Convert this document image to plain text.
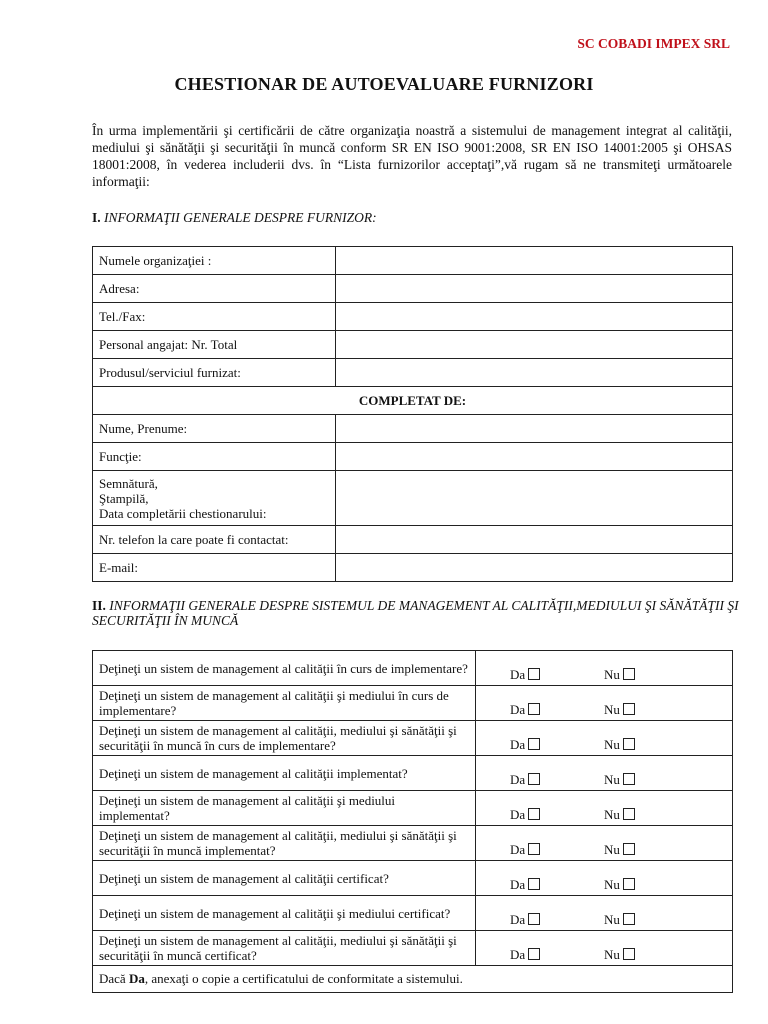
SC COBADI IMPEX SRL
CHESTIONAR DE AUTOEVALUARE FURNIZORI
În urma implementării şi certificării de către organizaţia noastră a sistemului de management integrat al calităţii, mediului şi sănătăţii şi securităţii în muncă conform SR EN ISO 9001:2008, SR EN ISO 14001:2005 şi OHSAS 18001:2008, în vederea includerii dvs. în “Lista furnizorilor acceptaţi”,vă rugam să ne transmiteţi următoarele informaţii:
I. INFORMAŢII GENERALE DESPRE FURNIZOR:
Numele organizaţiei :	
Adresa:	
Tel./Fax:	
Personal angajat: Nr. Total	
Produsul/serviciul furnizat:	
COMPLETAT DE:	
Nume, Prenume:	
Funcţie:	

Semnătură,
Ştampilă,
Data completării chestionarului:	

Nr. telefon la care poate fi contactat:	
E-mail:	
II. INFORMAŢII GENERALE DESPRE SISTEMUL DE MANAGEMENT AL CALITĂŢII,MEDIULUI ŞI SĂNĂTĂŢII ŞI SECURITĂŢII ÎN MUNCĂ
Deţineţi un sistem de management al calităţii în curs de implementare?	Da Nu

Deţineţi un sistem de management al calităţii şi mediului în curs de implementare?	Da Nu

Deţineţi un sistem de management al calităţii, mediului şi sănătăţii şi securităţii în muncă în curs de implementare?	Da Nu

Deţineţi un sistem de management al calităţii implementat?	Da Nu

Deţineţi un sistem de management al calităţii şi mediului implementat?	Da Nu

Deţineţi un sistem de management al calităţii, mediului şi sănătăţii şi securităţii în muncă implementat?	Da Nu

Deţineţi un sistem de management al calităţii certificat?	Da Nu

Deţineţi un sistem de management al calităţii şi mediului certificat?	Da Nu

Deţineţi un sistem de management al calităţii, mediului şi sănătăţii şi securităţii în muncă certificat?	Da Nu

Dacă Da, anexaţi o copie a certificatului de conformitate a sistemului.	
